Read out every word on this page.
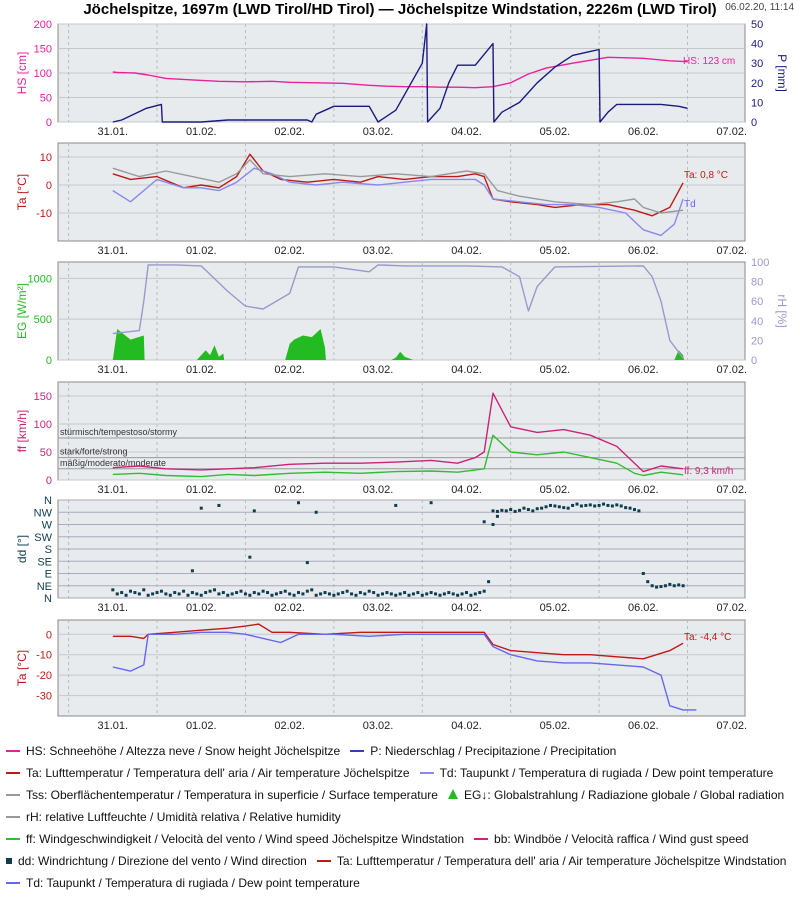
Jöchelspitze, 1697m (LWD Tirol/HD Tirol) — Jöchelspitze Windstation, 2226m (LWD Tirol) 06.02.20, 11:14
31.01.	01.02.	02.02.	03.02.	04.02.	05.02.	06.02.	07.02.
0
50
100
150
200
HS [cm]
0
10
20
30
40
50
P [mm]
HS: 123 cm
31.01.	01.02.	02.02.	03.02.	04.02.	05.02.	06.02.	07.02.
-10
0
10
Ta [°C]	Ta: 0,8 °C
Td
31.01.	01.02.	02.02.	03.02.	04.02.	05.02.	06.02.	07.02.
0
500
1000
EG [W/m²]
0
20
40
60
80
100
rH [%]
31.01.	01.02.	02.02.	03.02.	04.02.	05.02.	06.02.	07.02.
0
50
100
150
ff [km/h]	stürmisch/tempestoso/stormy
stark/forte/strong
mäßig/moderato/moderate
ff: 9,3 km/h
31.01.	01.02.	02.02.	03.02.	04.02.	05.02.	06.02.	07.02.
N
NE
E
SE
S
SW
W
NW
N
dd [°]
31.01.	01.02.	02.02.	03.02.	04.02.	05.02.	06.02.	07.02.
-30
-20
-10
0
Ta [°C]
Ta: -4,4 °C
HS: Schneehöhe / Altezza neve / Snow height Jöchelspitze	P: Niederschlag / Precipitazione / Precipitation
Ta: Lufttemperatur / Temperatura dell' aria / Air temperature Jöchelspitze	Td: Taupunkt / Temperatura di rugiada / Dew point temperature
Tss: Oberflächentemperatur / Temperatura in superficie / Surface temperature EG↓: Globalstrahlung / Radiazione globale / Global radiation
rH: relative Luftfeuchte / Umidità relativa / Relative humidity
ff: Windgeschwindigkeit / Velocità del vento / Wind speed Jöchelspitze Windstation	bb: Windböe / Velocità raffica / Wind gust speed
dd: Windrichtung / Direzione del vento / Wind direction	Ta: Lufttemperatur / Temperatura dell' aria / Air temperature Jöchelspitze Windstation
Td: Taupunkt / Temperatura di rugiada / Dew point temperature
